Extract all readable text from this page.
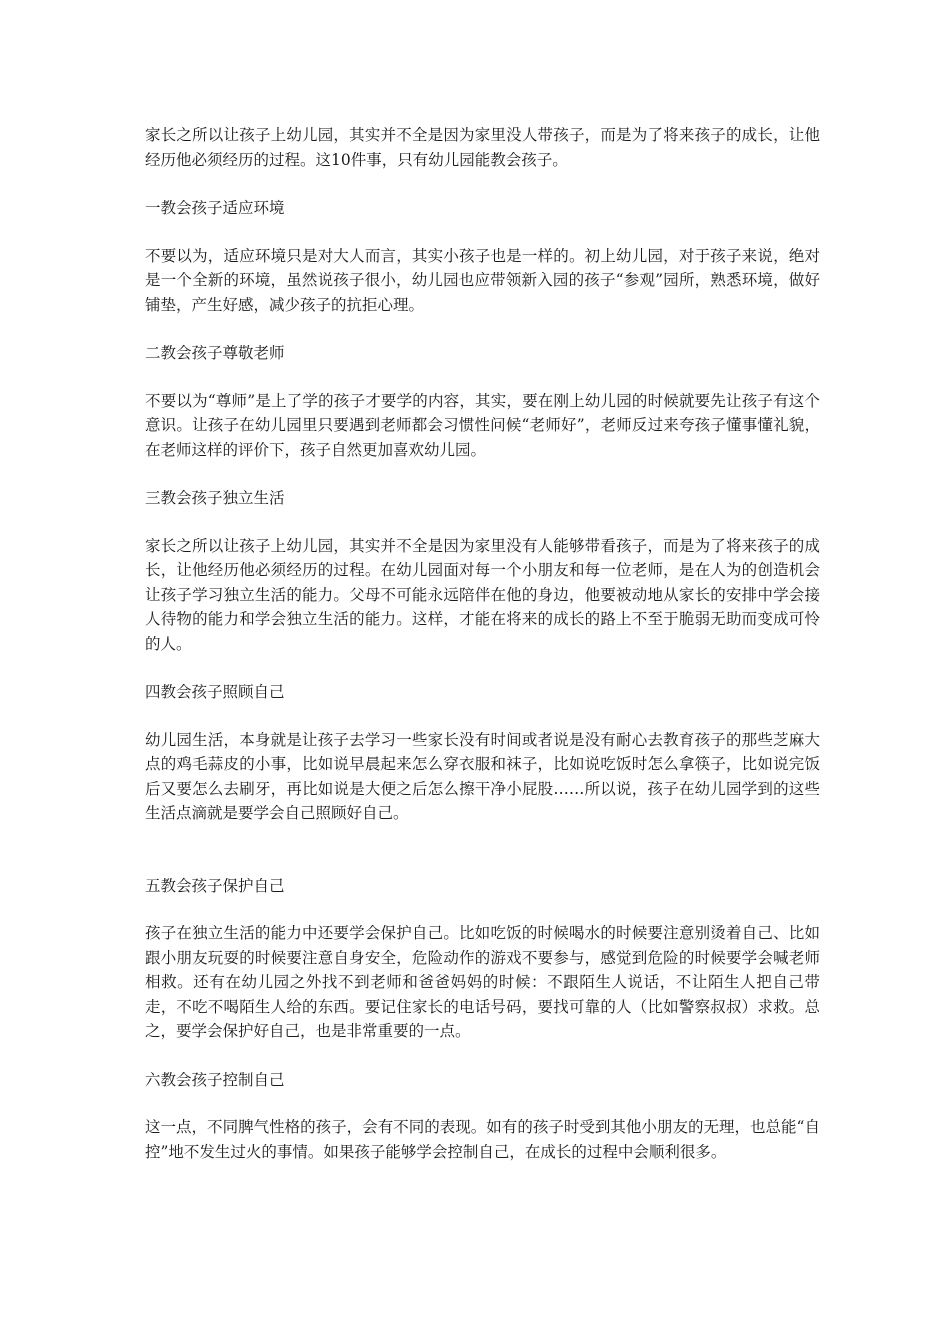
家长之所以让孩子上幼儿园，其实并不全是因为家里没人带孩子，而是为了将来孩子的成长，让他经历他必须经历的过程。这10件事，只有幼儿园能教会孩子。

一教会孩子适应环境

不要以为，适应环境只是对大人而言，其实小孩子也是一样的。初上幼儿园，对于孩子来说，绝对是一个全新的环境，虽然说孩子很小，幼儿园也应带领新入园的孩子“参观”园所，熟悉环境，做好铺垫，产生好感，减少孩子的抗拒心理。

二教会孩子尊敬老师

不要以为“尊师”是上了学的孩子才要学的内容，其实，要在刚上幼儿园的时候就要先让孩子有这个意识。让孩子在幼儿园里只要遇到老师都会习惯性问候“老师好”，老师反过来夸孩子懂事懂礼貌，在老师这样的评价下，孩子自然更加喜欢幼儿园。

三教会孩子独立生活

家长之所以让孩子上幼儿园，其实并不全是因为家里没有人能够带看孩子，而是为了将来孩子的成长，让他经历他必须经历的过程。在幼儿园面对每一个小朋友和每一位老师，是在人为的创造机会让孩子学习独立生活的能力。父母不可能永远陪伴在他的身边，他要被动地从家长的安排中学会接人待物的能力和学会独立生活的能力。这样，才能在将来的成长的路上不至于脆弱无助而变成可怜的人。

四教会孩子照顾自己

幼儿园生活，本身就是让孩子去学习一些家长没有时间或者说是没有耐心去教育孩子的那些芝麻大点的鸡毛蒜皮的小事，比如说早晨起来怎么穿衣服和袜子，比如说吃饭时怎么拿筷子，比如说完饭后又要怎么去刷牙，再比如说是大便之后怎么擦干净小屁股……所以说，孩子在幼儿园学到的这些生活点滴就是要学会自己照顾好自己。

五教会孩子保护自己

孩子在独立生活的能力中还要学会保护自己。比如吃饭的时候喝水的时候要注意别烫着自己、比如跟小朋友玩耍的时候要注意自身安全，危险动作的游戏不要参与，感觉到危险的时候要学会喊老师相救。还有在幼儿园之外找不到老师和爸爸妈妈的时候：不跟陌生人说话，不让陌生人把自己带走，不吃不喝陌生人给的东西。要记住家长的电话号码，要找可靠的人（比如警察叔叔）求救。总之，要学会保护好自己，也是非常重要的一点。

六教会孩子控制自己

这一点，不同脾气性格的孩子，会有不同的表现。如有的孩子时受到其他小朋友的无理，也总能“自控”地不发生过火的事情。如果孩子能够学会控制自己，在成长的过程中会顺利很多。
